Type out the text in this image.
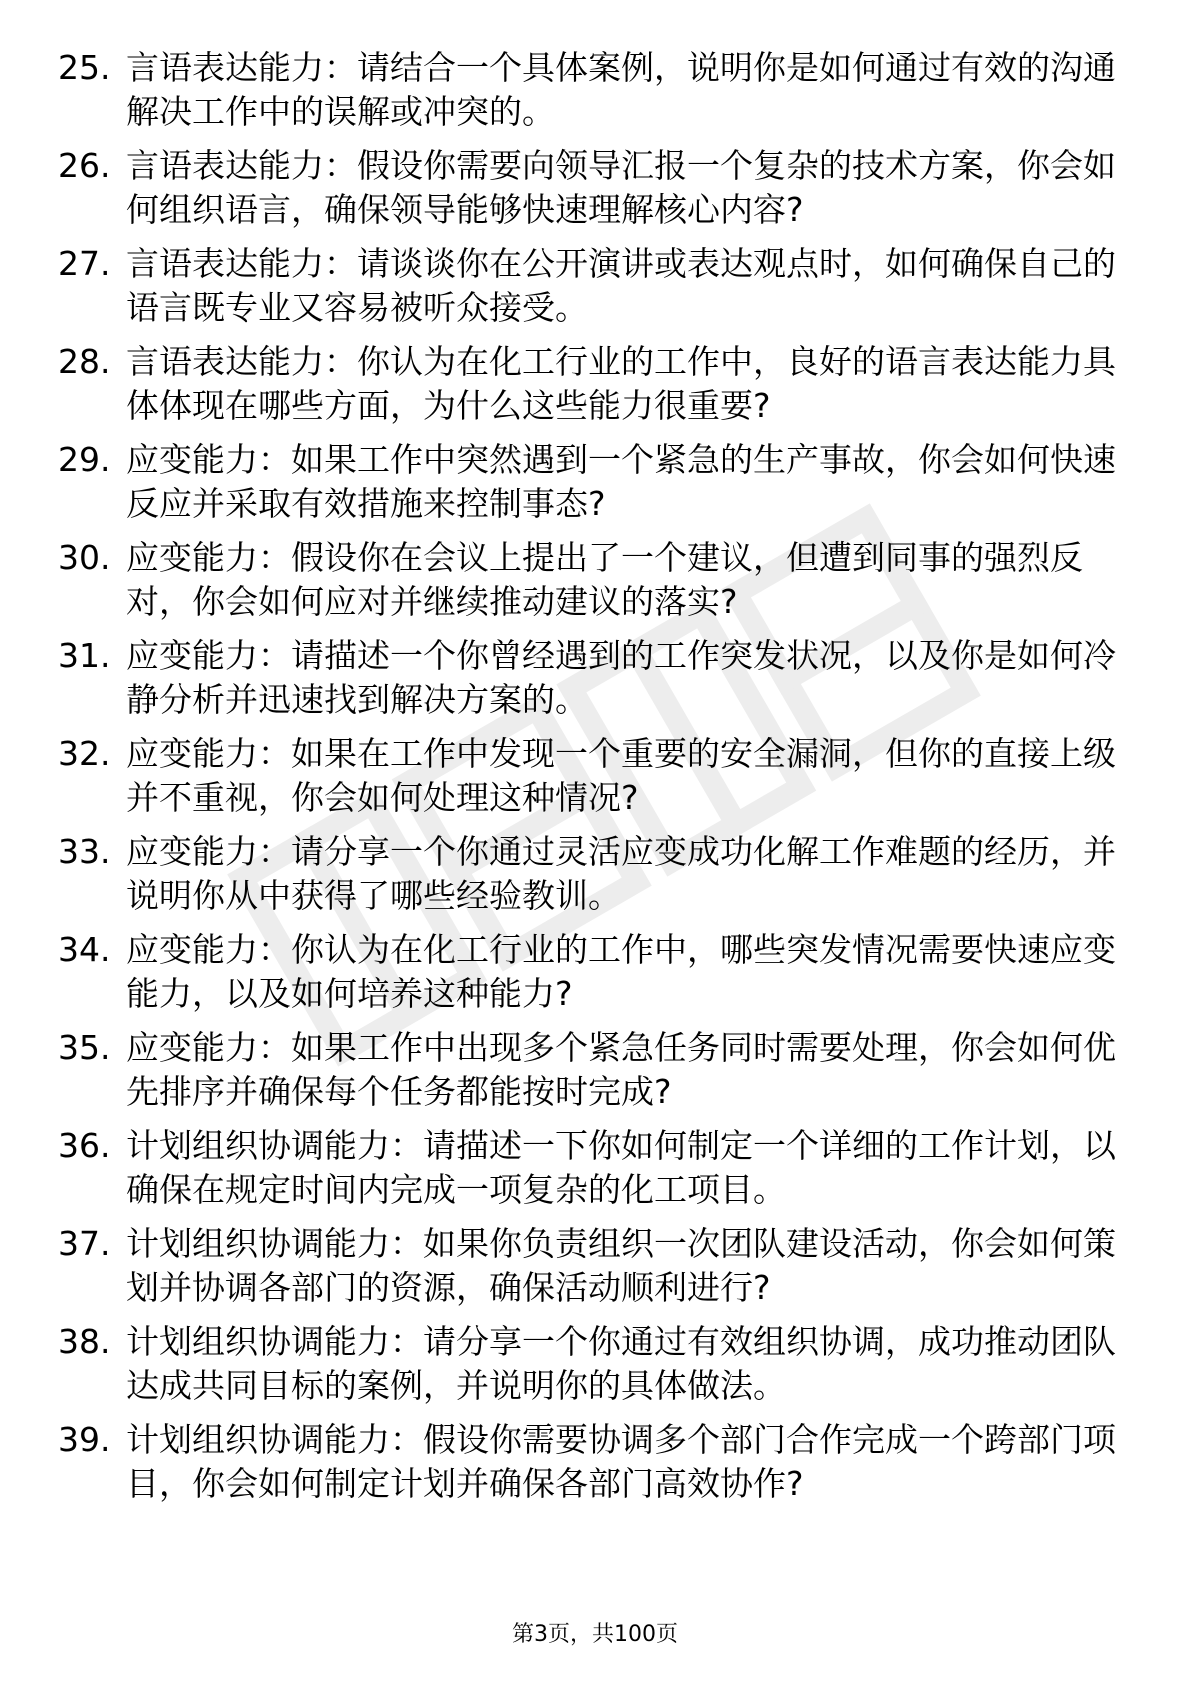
25. 言语表达能力：请结合一个具体案例，说明你是如何通过有效的沟通解决工作中的误解或冲突的。
26. 言语表达能力：假设你需要向领导汇报一个复杂的技术方案，你会如何组织语言，确保领导能够快速理解核心内容?
27. 言语表达能力：请谈谈你在公开演讲或表达观点时，如何确保自己的语言既专业又容易被听众接受。
28. 言语表达能力：你认为在化工行业的工作中，良好的语言表达能力具体体现在哪些方面，为什么这些能力很重要?
29. 应变能力：如果工作中突然遇到一个紧急的生产事故，你会如何快速反应并采取有效措施来控制事态?
30. 应变能力：假设你在会议上提出了一个建议，但遭到同事的强烈反对，你会如何应对并继续推动建议的落实?
31. 应变能力：请描述一个你曾经遇到的工作突发状况，以及你是如何冷静分析并迅速找到解决方案的。
32. 应变能力：如果在工作中发现一个重要的安全漏洞，但你的直接上级并不重视，你会如何处理这种情况?
33. 应变能力：请分享一个你通过灵活应变成功化解工作难题的经历，并说明你从中获得了哪些经验教训。
34. 应变能力：你认为在化工行业的工作中，哪些突发情况需要快速应变能力，以及如何培养这种能力?
35. 应变能力：如果工作中出现多个紧急任务同时需要处理，你会如何优先排序并确保每个任务都能按时完成?
36. 计划组织协调能力：请描述一下你如何制定一个详细的工作计划，以确保在规定时间内完成一项复杂的化工项目。
37. 计划组织协调能力：如果你负责组织一次团队建设活动，你会如何策划并协调各部门的资源，确保活动顺利进行?
38. 计划组织协调能力：请分享一个你通过有效组织协调，成功推动团队达成共同目标的案例，并说明你的具体做法。
39. 计划组织协调能力：假设你需要协调多个部门合作完成一个跨部门项目，你会如何制定计划并确保各部门高效协作?
第3页，共100页
